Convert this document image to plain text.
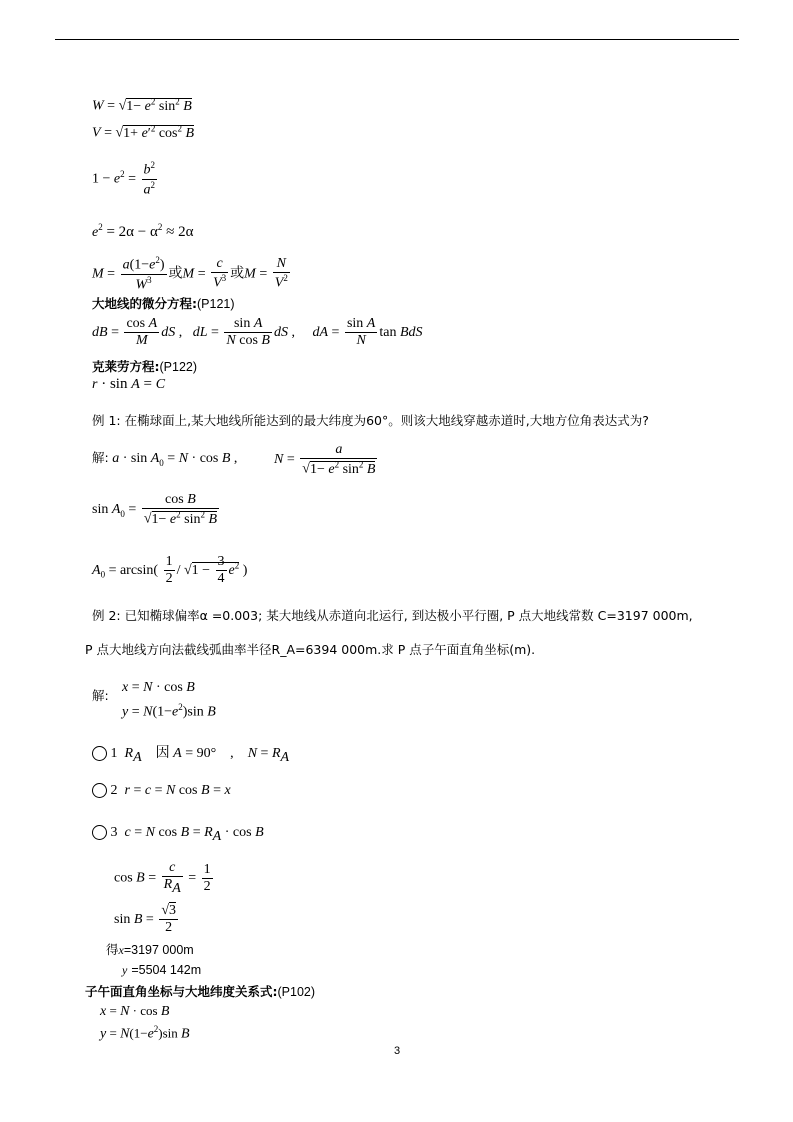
$W = √1- e^2$ $\sin^2 B$
$V = √1+ e'^2$ $\cos^2 B$
$1 - e^2 = \frac{b^2}{a^2}$
$e^2 = 2\alpha - \alpha^2 \approx 2\alpha$
$M = \frac{a(1-e^2)}{W^3}$ 或$M = \frac{c}{V^3}$ 或$M = \frac{N}{V^2}$
大地线的微分方程:(P121)
dB = $\frac{\text{cos A}}{M}$ dS ,   dL = $\frac{\text{sin A}}{\text{N cos B}}$ dS ,     dA = $\frac{\text{sin A}}{N}$ tan BdS
克莱劳方程:(P122)
r · sin A = C
例 1: 在椭球面上,某大地线所能达到的最大纬度为60°。则该大地线穿越赤道时,大地方位角表达式为?
解: $a \cdot \sin A_0 = N \cdot \cos B$ ,	$N = \frac{a}{√1- e^2 \sin^2 B}$
$\sin A_0 = \frac{\text{cos B}}{√1- e^2 \sin^2 B}$
$A_0 = \arcsin( \frac{1}{2} / √1 - \frac{3}{4} e^2$ )
例 2: 已知椭球偏率α =0.003; 某大地线从赤道向北运行, 到达极小平行圈, P 点大地线常数 C=3197 000m,
P 点大地线方向法截线弧曲率半径R_A=6394 000m.求 P 点子午面直角坐标(m).
解:
x = N · cos B
$y = N(1-e^2)\sin$ B
1 $R_A$    因 A = 90°    ,    $N = R_A$
2 r = c = N cos B = x
3 c = N $\cos B = R_A \cdot \cos B$
$\cos B = \frac{c}{R_A} = \frac{1}{2}$
$\sin B = \frac{√3}{2}$
得x=3197 000m
y =5504 142m
子午面直角坐标与大地纬度关系式:(P102)
x = N · cos B
$y = N(1-e^2)\sin$ B
3
